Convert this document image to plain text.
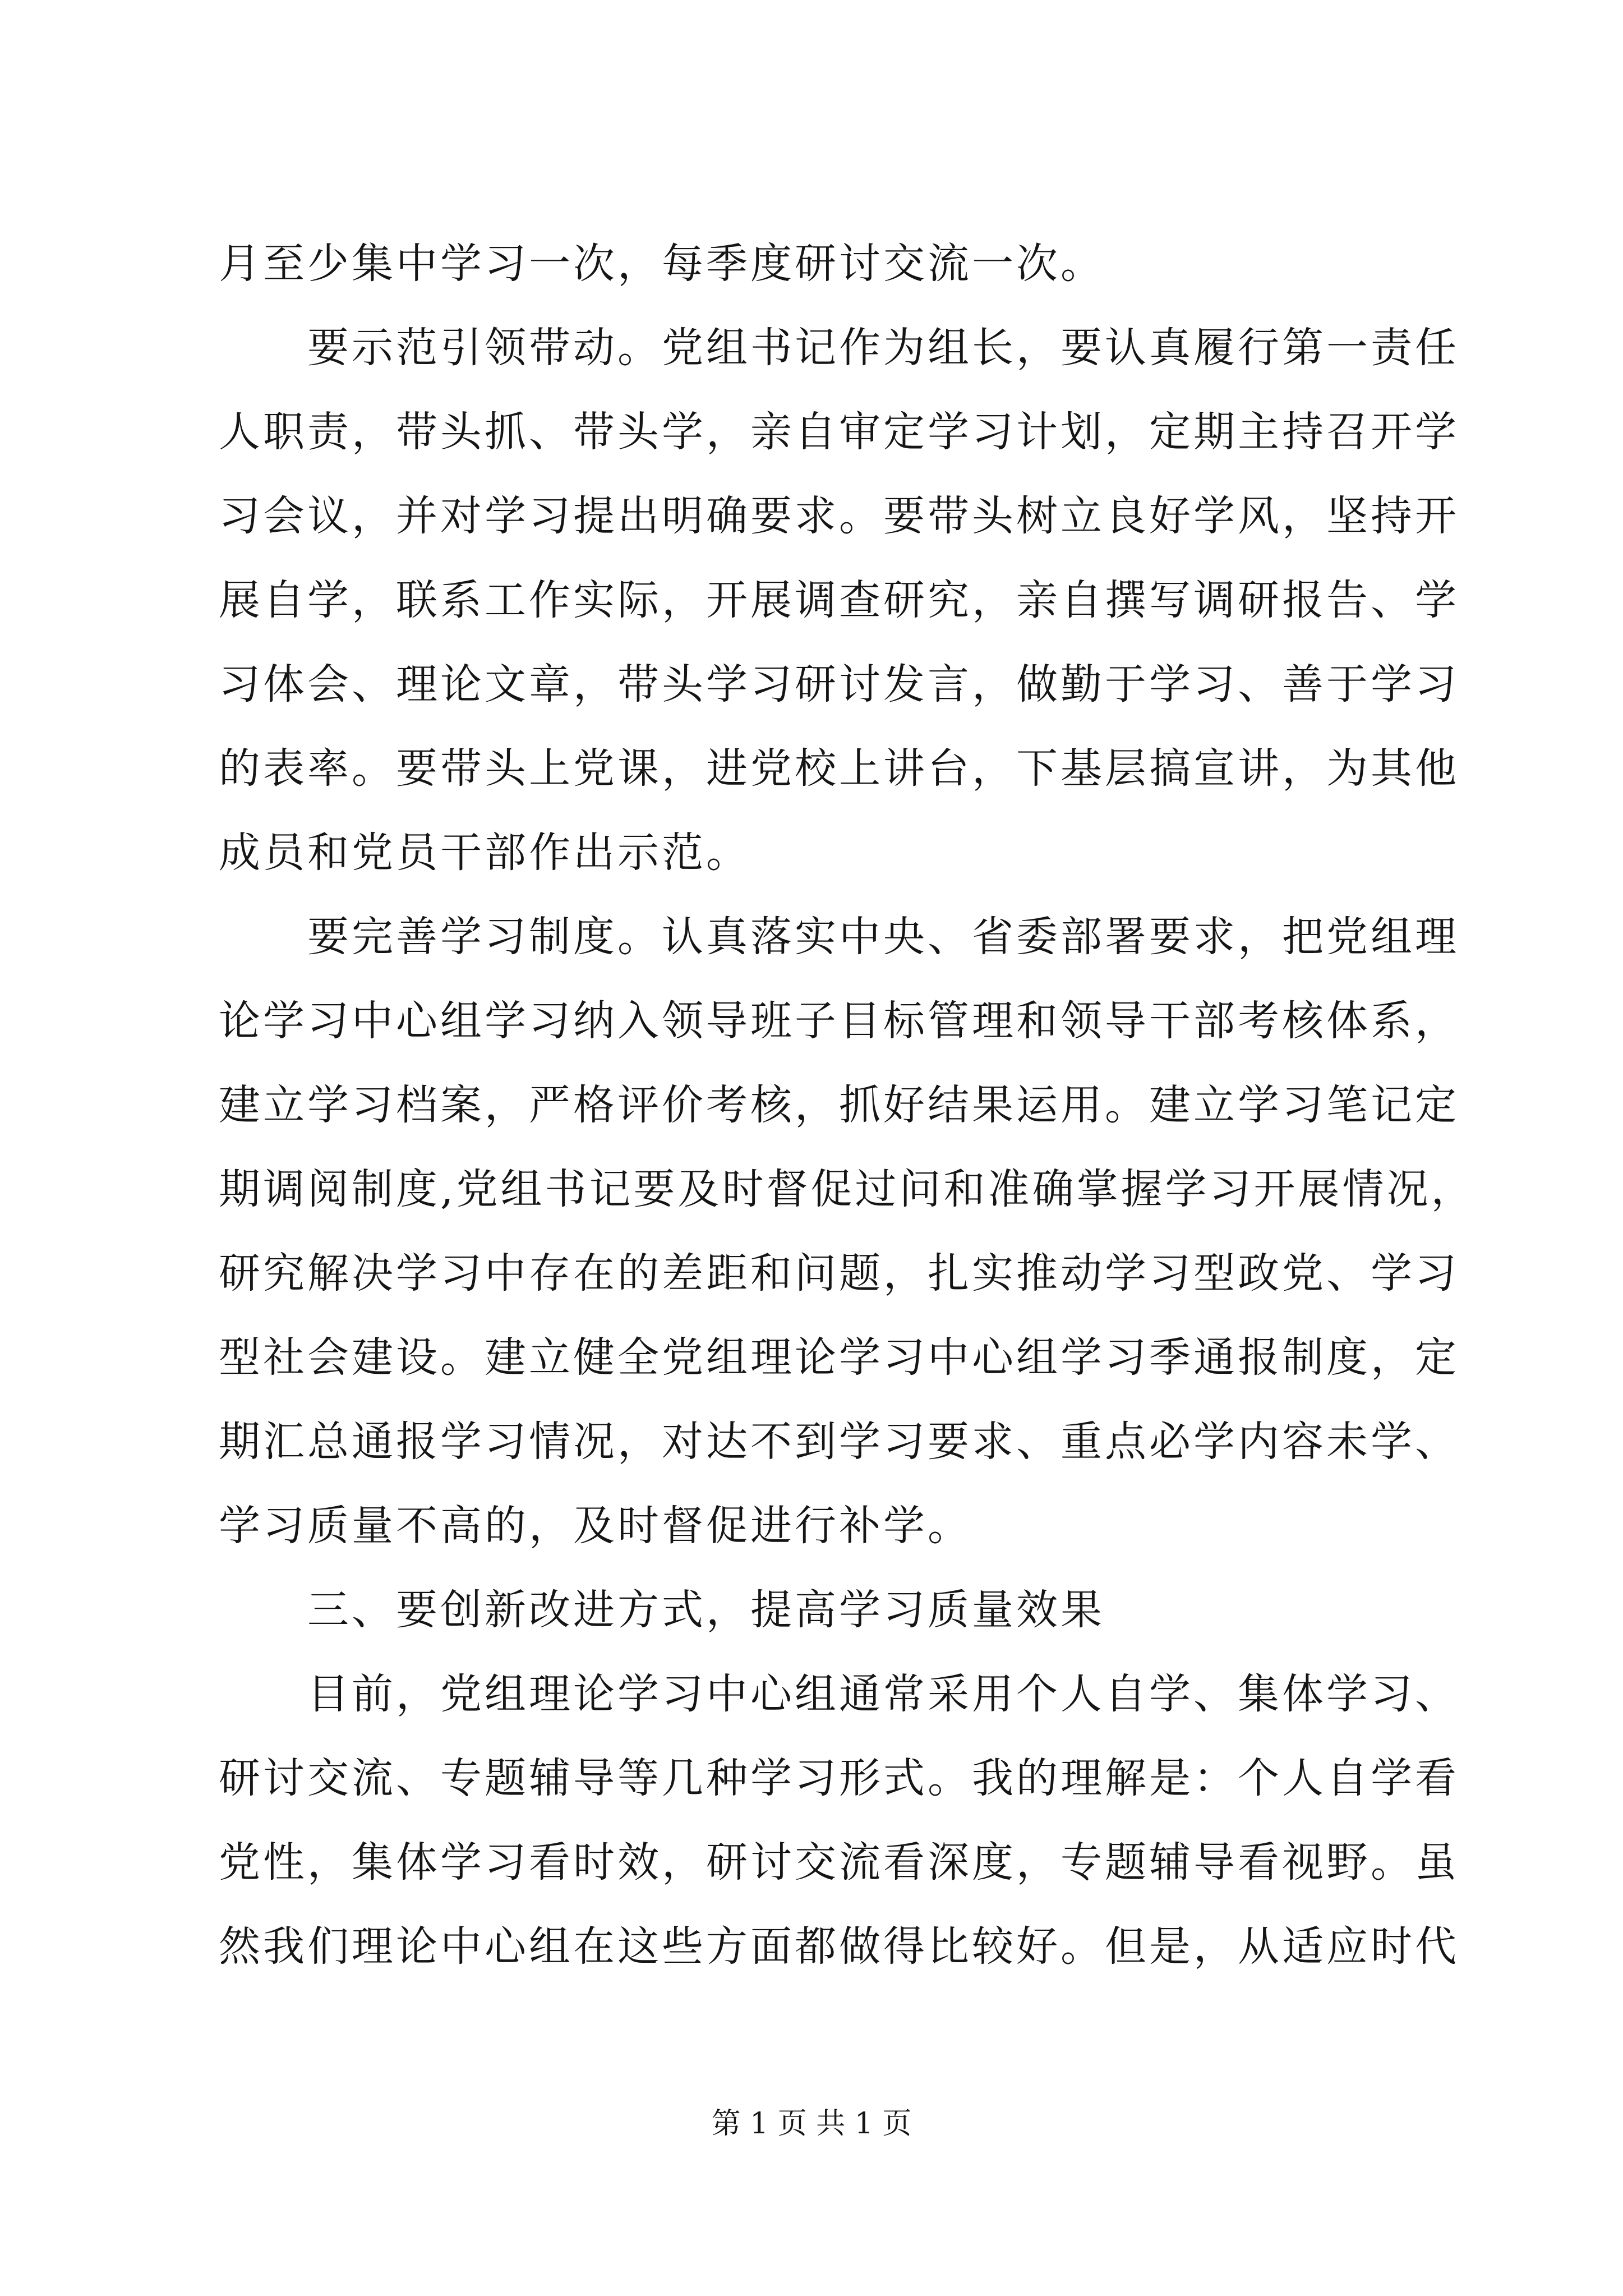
月至少集中学习一次，每季度研讨交流一次。
　　要示范引领带动。党组书记作为组长，要认真履行第一责任
人职责，带头抓、带头学，亲自审定学习计划，定期主持召开学
习会议，并对学习提出明确要求。要带头树立良好学风，坚持开
展自学，联系工作实际，开展调查研究，亲自撰写调研报告、学
习体会、理论文章，带头学习研讨发言，做勤于学习、善于学习
的表率。要带头上党课，进党校上讲台，下基层搞宣讲，为其他
成员和党员干部作出示范。
　　要完善学习制度。认真落实中央、省委部署要求，把党组理
论学习中心组学习纳入领导班子目标管理和领导干部考核体系，
建立学习档案，严格评价考核，抓好结果运用。建立学习笔记定
期调阅制度,党组书记要及时督促过问和准确掌握学习开展情况，
研究解决学习中存在的差距和问题，扎实推动学习型政党、学习
型社会建设。建立健全党组理论学习中心组学习季通报制度，定
期汇总通报学习情况，对达不到学习要求、重点必学内容未学、
学习质量不高的，及时督促进行补学。
　　三、要创新改进方式，提高学习质量效果
　　目前，党组理论学习中心组通常采用个人自学、集体学习、
研讨交流、专题辅导等几种学习形式。我的理解是：个人自学看
党性，集体学习看时效，研讨交流看深度，专题辅导看视野。虽
然我们理论中心组在这些方面都做得比较好。但是，从适应时代
第 1 页 共 1 页
